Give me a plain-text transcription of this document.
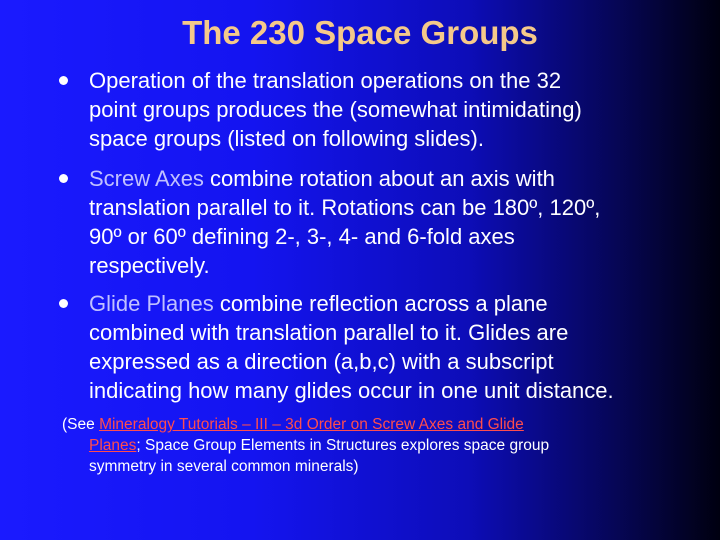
The 230 Space Groups
Operation of the translation operations on the 32
point groups produces the (somewhat intimidating)
space groups (listed on following slides).
Screw Axes combine rotation about an axis with
translation parallel to it. Rotations can be 180º, 120º,
90º or 60º defining 2-, 3-, 4- and 6-fold axes
respectively.
Glide Planes combine reflection across a plane
combined with translation parallel to it. Glides are
expressed as a direction (a,b,c) with a subscript
indicating how many glides occur in one unit distance.
(See Mineralogy Tutorials – III – 3d Order on Screw Axes and Glide
Planes; Space Group Elements in Structures explores space group
symmetry in several common minerals)
